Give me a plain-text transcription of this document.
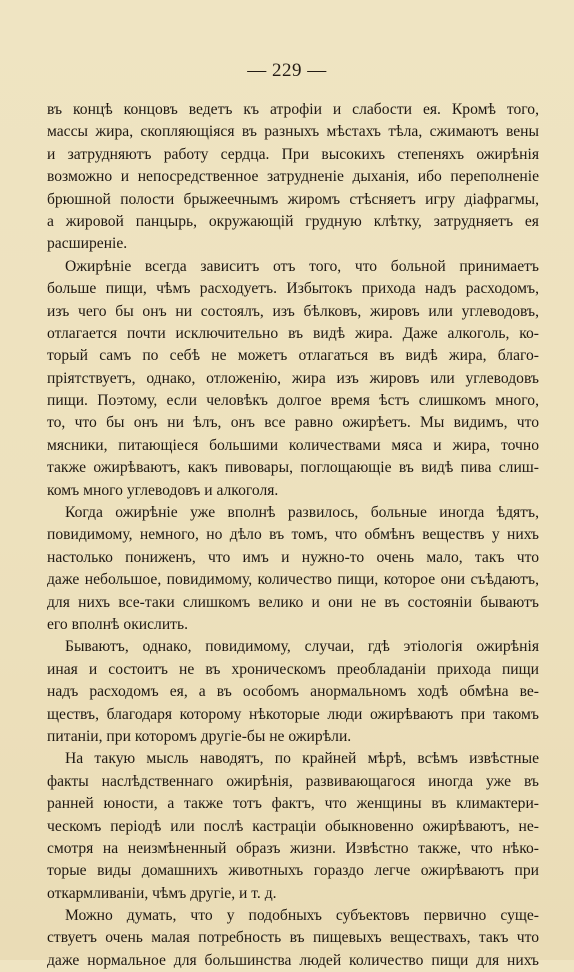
— 229 —
въ концѣ концовъ ведетъ къ атрофіи и слабости ея. Кромѣ того,
массы жира, скопляющіяся въ разныхъ мѣстахъ тѣла, сжимаютъ вены
и затрудняютъ работу сердца. При высокихъ степеняхъ ожирѣнія
возможно и непосредственное затрудненіе дыханія, ибо переполненіе
брюшной полости брыжеечнымъ жиромъ стѣсняетъ игру діафрагмы,
а жировой панцырь, окружающій грудную клѣтку, затрудняетъ ея
расширеніе.
Ожирѣніе всегда зависитъ отъ того, что больной принимаетъ
больше пищи, чѣмъ расходуетъ. Избытокъ прихода надъ расходомъ,
изъ чего бы онъ ни состоялъ, изъ бѣлковъ, жировъ или углеводовъ,
отлагается почти исключительно въ видѣ жира. Даже алкоголь, ко-
торый самъ по себѣ не можетъ отлагаться въ видѣ жира, благо-
пріятствуетъ, однако, отложенію, жира изъ жировъ или углеводовъ
пищи. Поэтому, если человѣкъ долгое время ѣстъ слишкомъ много,
то, что бы онъ ни ѣлъ, онъ все равно ожирѣетъ. Мы видимъ, что
мясники, питающіеся большими количествами мяса и жира, точно
также ожирѣваютъ, какъ пивовары, поглощающіе въ видѣ пива слиш-
комъ много углеводовъ и алкоголя.
Когда ожирѣніе уже вполнѣ развилось, больные иногда ѣдятъ,
повидимому, немного, но дѣло въ томъ, что обмѣнъ веществъ у нихъ
настолько пониженъ, что имъ и нужно-то очень мало, такъ что
даже небольшое, повидимому, количество пищи, которое они съѣдаютъ,
для нихъ все-таки слишкомъ велико и они не въ состояніи бываютъ
его вполнѣ окислить.
Бываютъ, однако, повидимому, случаи, гдѣ этіологія ожирѣнія
иная и состоитъ не въ хроническомъ преобладаніи прихода пищи
надъ расходомъ ея, а въ особомъ анормальномъ ходѣ обмѣна ве-
ществъ, благодаря которому нѣкоторые люди ожирѣваютъ при такомъ
питаніи, при которомъ другіе-бы не ожирѣли.
На такую мысль наводятъ, по крайней мѣрѣ, всѣмъ извѣстные
факты наслѣдственнаго ожирѣнія, развивающагося иногда уже въ
ранней юности, а также тотъ фактъ, что женщины въ климактери-
ческомъ періодѣ или послѣ кастраціи обыкновенно ожирѣваютъ, не-
смотря на неизмѣненный образъ жизни. Извѣстно также, что нѣко-
торые виды домашнихъ животныхъ гораздо легче ожирѣваютъ при
откармливаніи, чѣмъ другіе, и т. д.
Можно думать, что у подобныхъ субъектовъ первично суще-
ствуетъ очень малая потребность въ пищевыхъ веществахъ, такъ что
даже нормальное для большинства людей количество пищи для нихъ
